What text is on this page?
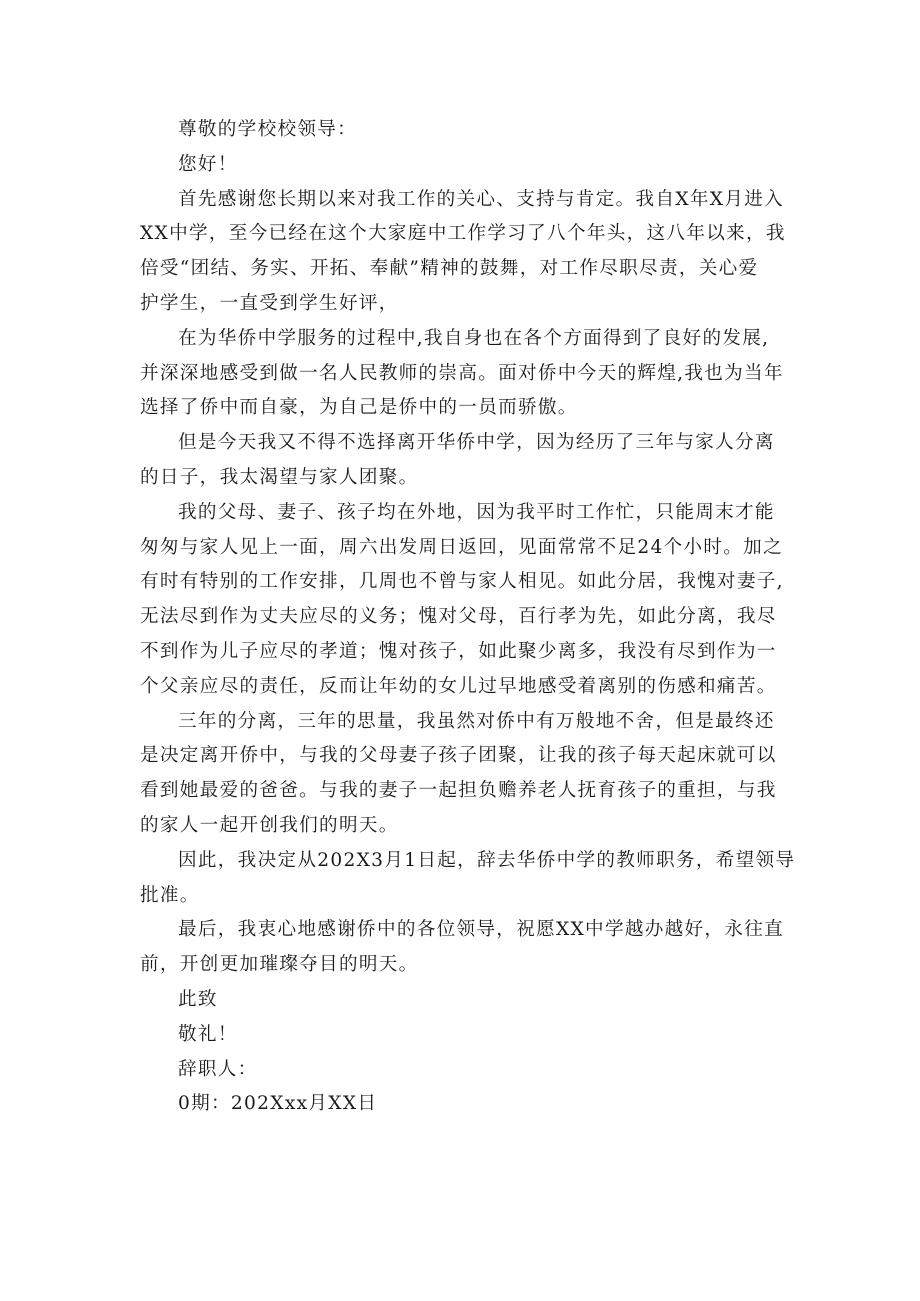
尊敬的学校校领导：

您好！

首先感谢您长期以来对我工作的关心、支持与肯定。我自X年X月进入

XX中学，至今已经在这个大家庭中工作学习了八个年头，这八年以来，我

倍受“团结、务实、开拓、奉献”精神的鼓舞，对工作尽职尽责，关心爱

护学生，一直受到学生好评，

在为华侨中学服务的过程中,我自身也在各个方面得到了良好的发展,

并深深地感受到做一名人民教师的崇高。面对侨中今天的辉煌,我也为当年

选择了侨中而自豪，为自己是侨中的一员而骄傲。

但是今天我又不得不选择离开华侨中学，因为经历了三年与家人分离

的日子，我太渴望与家人团聚。

我的父母、妻子、孩子均在外地，因为我平时工作忙，只能周末才能

匆匆与家人见上一面，周六出发周日返回，见面常常不足24个小时。加之

有时有特别的工作安排，几周也不曾与家人相见。如此分居，我愧对妻子,

无法尽到作为丈夫应尽的义务；愧对父母，百行孝为先，如此分离，我尽

不到作为儿子应尽的孝道；愧对孩子，如此聚少离多，我没有尽到作为一

个父亲应尽的责任，反而让年幼的女儿过早地感受着离别的伤感和痛苦。

三年的分离，三年的思量，我虽然对侨中有万般地不舍，但是最终还

是决定离开侨中，与我的父母妻子孩子团聚，让我的孩子每天起床就可以

看到她最爱的爸爸。与我的妻子一起担负赡养老人抚育孩子的重担，与我

的家人一起开创我们的明天。

因此，我决定从202X3月1日起，辞去华侨中学的教师职务，希望领导

批准。

最后，我衷心地感谢侨中的各位领导，祝愿XX中学越办越好，永往直

前，开创更加璀璨夺目的明天。

此致

敬礼！

辞职人：

0期：202Xxx月XX日
